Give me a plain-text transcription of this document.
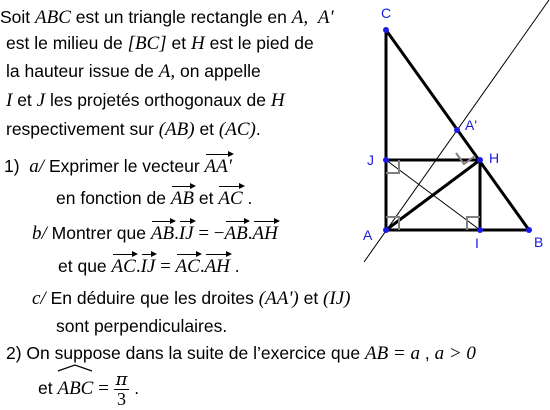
Soit ABC est un triangle rectangle en A, A'
est le milieu de [BC] et H est le pied de
la hauteur issue de A, on appelle
I et J les projetés orthogonaux de H
respectivement sur (AB) et (AC).
1) a/ Exprimer le vecteur AA'
en fonction de AB et AC .
b/ Montrer que AB.IJ = −AB.AH
et que AC.IJ = AC.AH .
c/ En déduire que les droites (AA') et (IJ)
sont perpendiculaires.
2) On suppose dans la suite de l’exercice que AB = a , a > 0
et
ABC = $\frac{\pi}{3}$ .
C
A'
J	H
A	I	B
